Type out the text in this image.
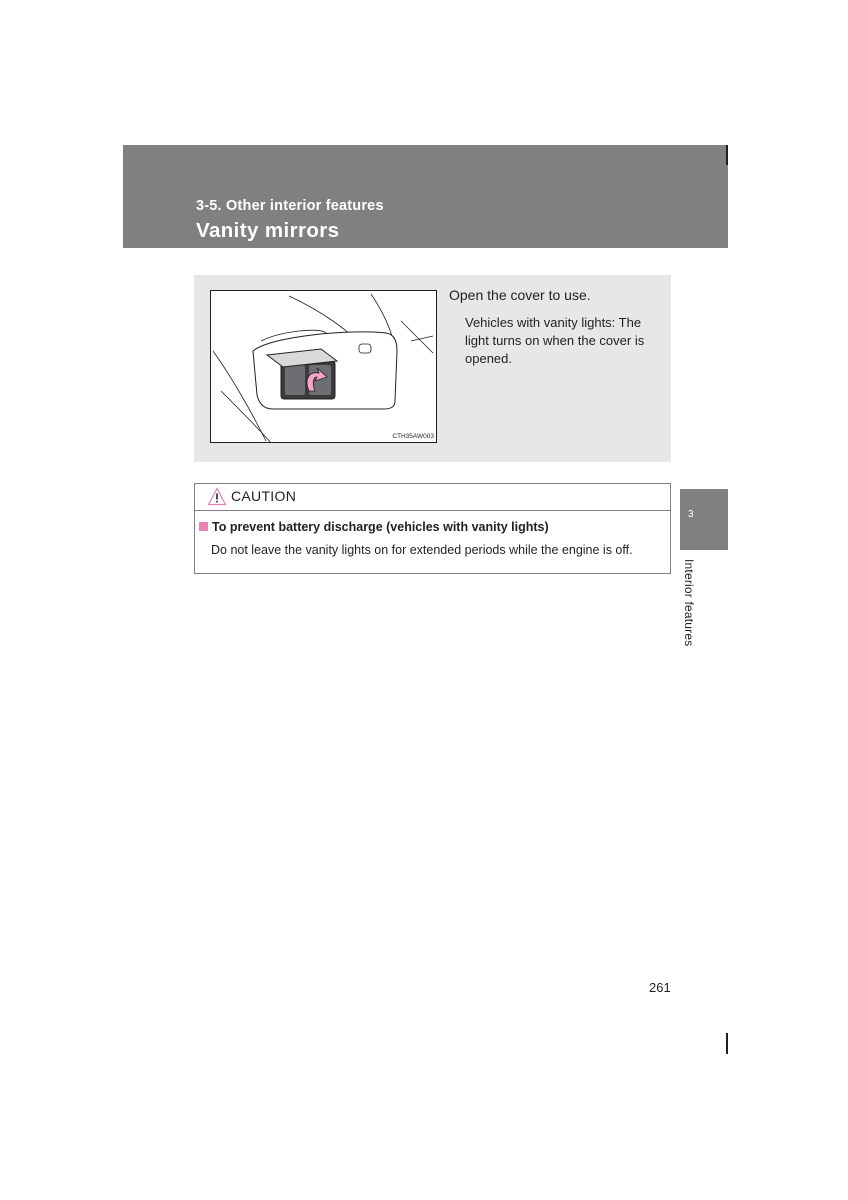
3-5. Other interior features
Vanity mirrors
CTH35AW003
Open the cover to use.
Vehicles with vanity lights: The light turns on when the cover is opened.
CAUTION
To prevent battery discharge (vehicles with vanity lights)
Do not leave the vanity lights on for extended periods while the engine is off.
3
Interior features
261
